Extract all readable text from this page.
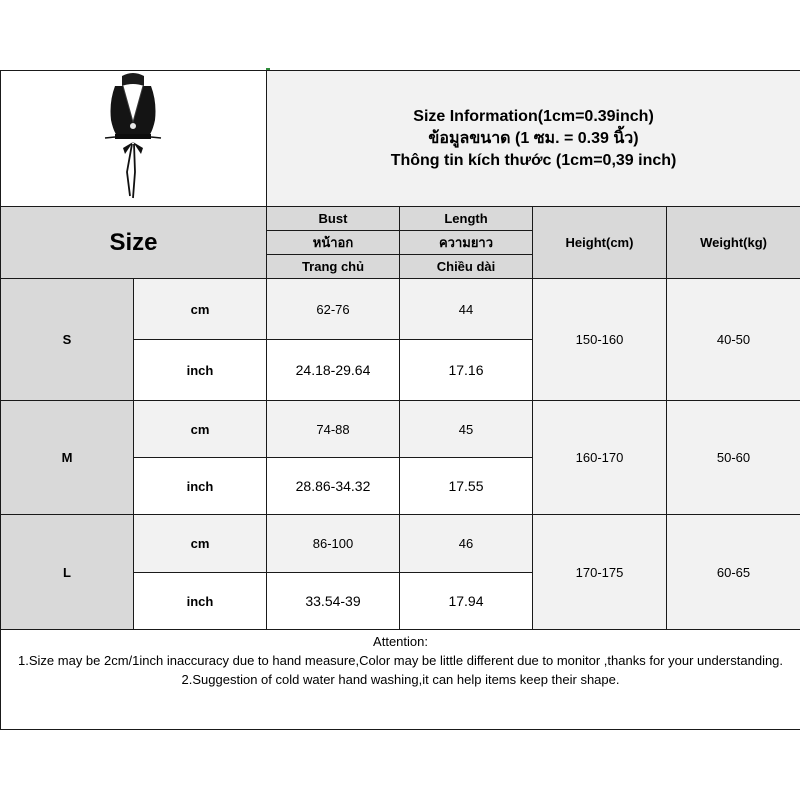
Size Information(1cm=0.39inch)
ข้อมูลขนาด (1 ซม. = 0.39 นิ้ว)
Thông tin kích thước (1cm=0,39 inch)			

Size		Bust	Length	Height(cm)	Weight(kg)
		หน้าอก	ความยาว		
		Trang chủ	Chiều dài		
S	cm	62-76	44	150-160	40-50
	inch	24.18-29.64	17.16		
M	cm	74-88	45	160-170	50-60
	inch	28.86-34.32	17.55		
L	cm	86-100	46	170-175	60-65
	inch	33.54-39	17.94		

Attention:
1.Size may be 2cm/1inch inaccuracy due to hand measure,Color may be little different due to monitor ,thanks for your understanding.
2.Suggestion of cold water hand washing,it can help items keep their shape.					
